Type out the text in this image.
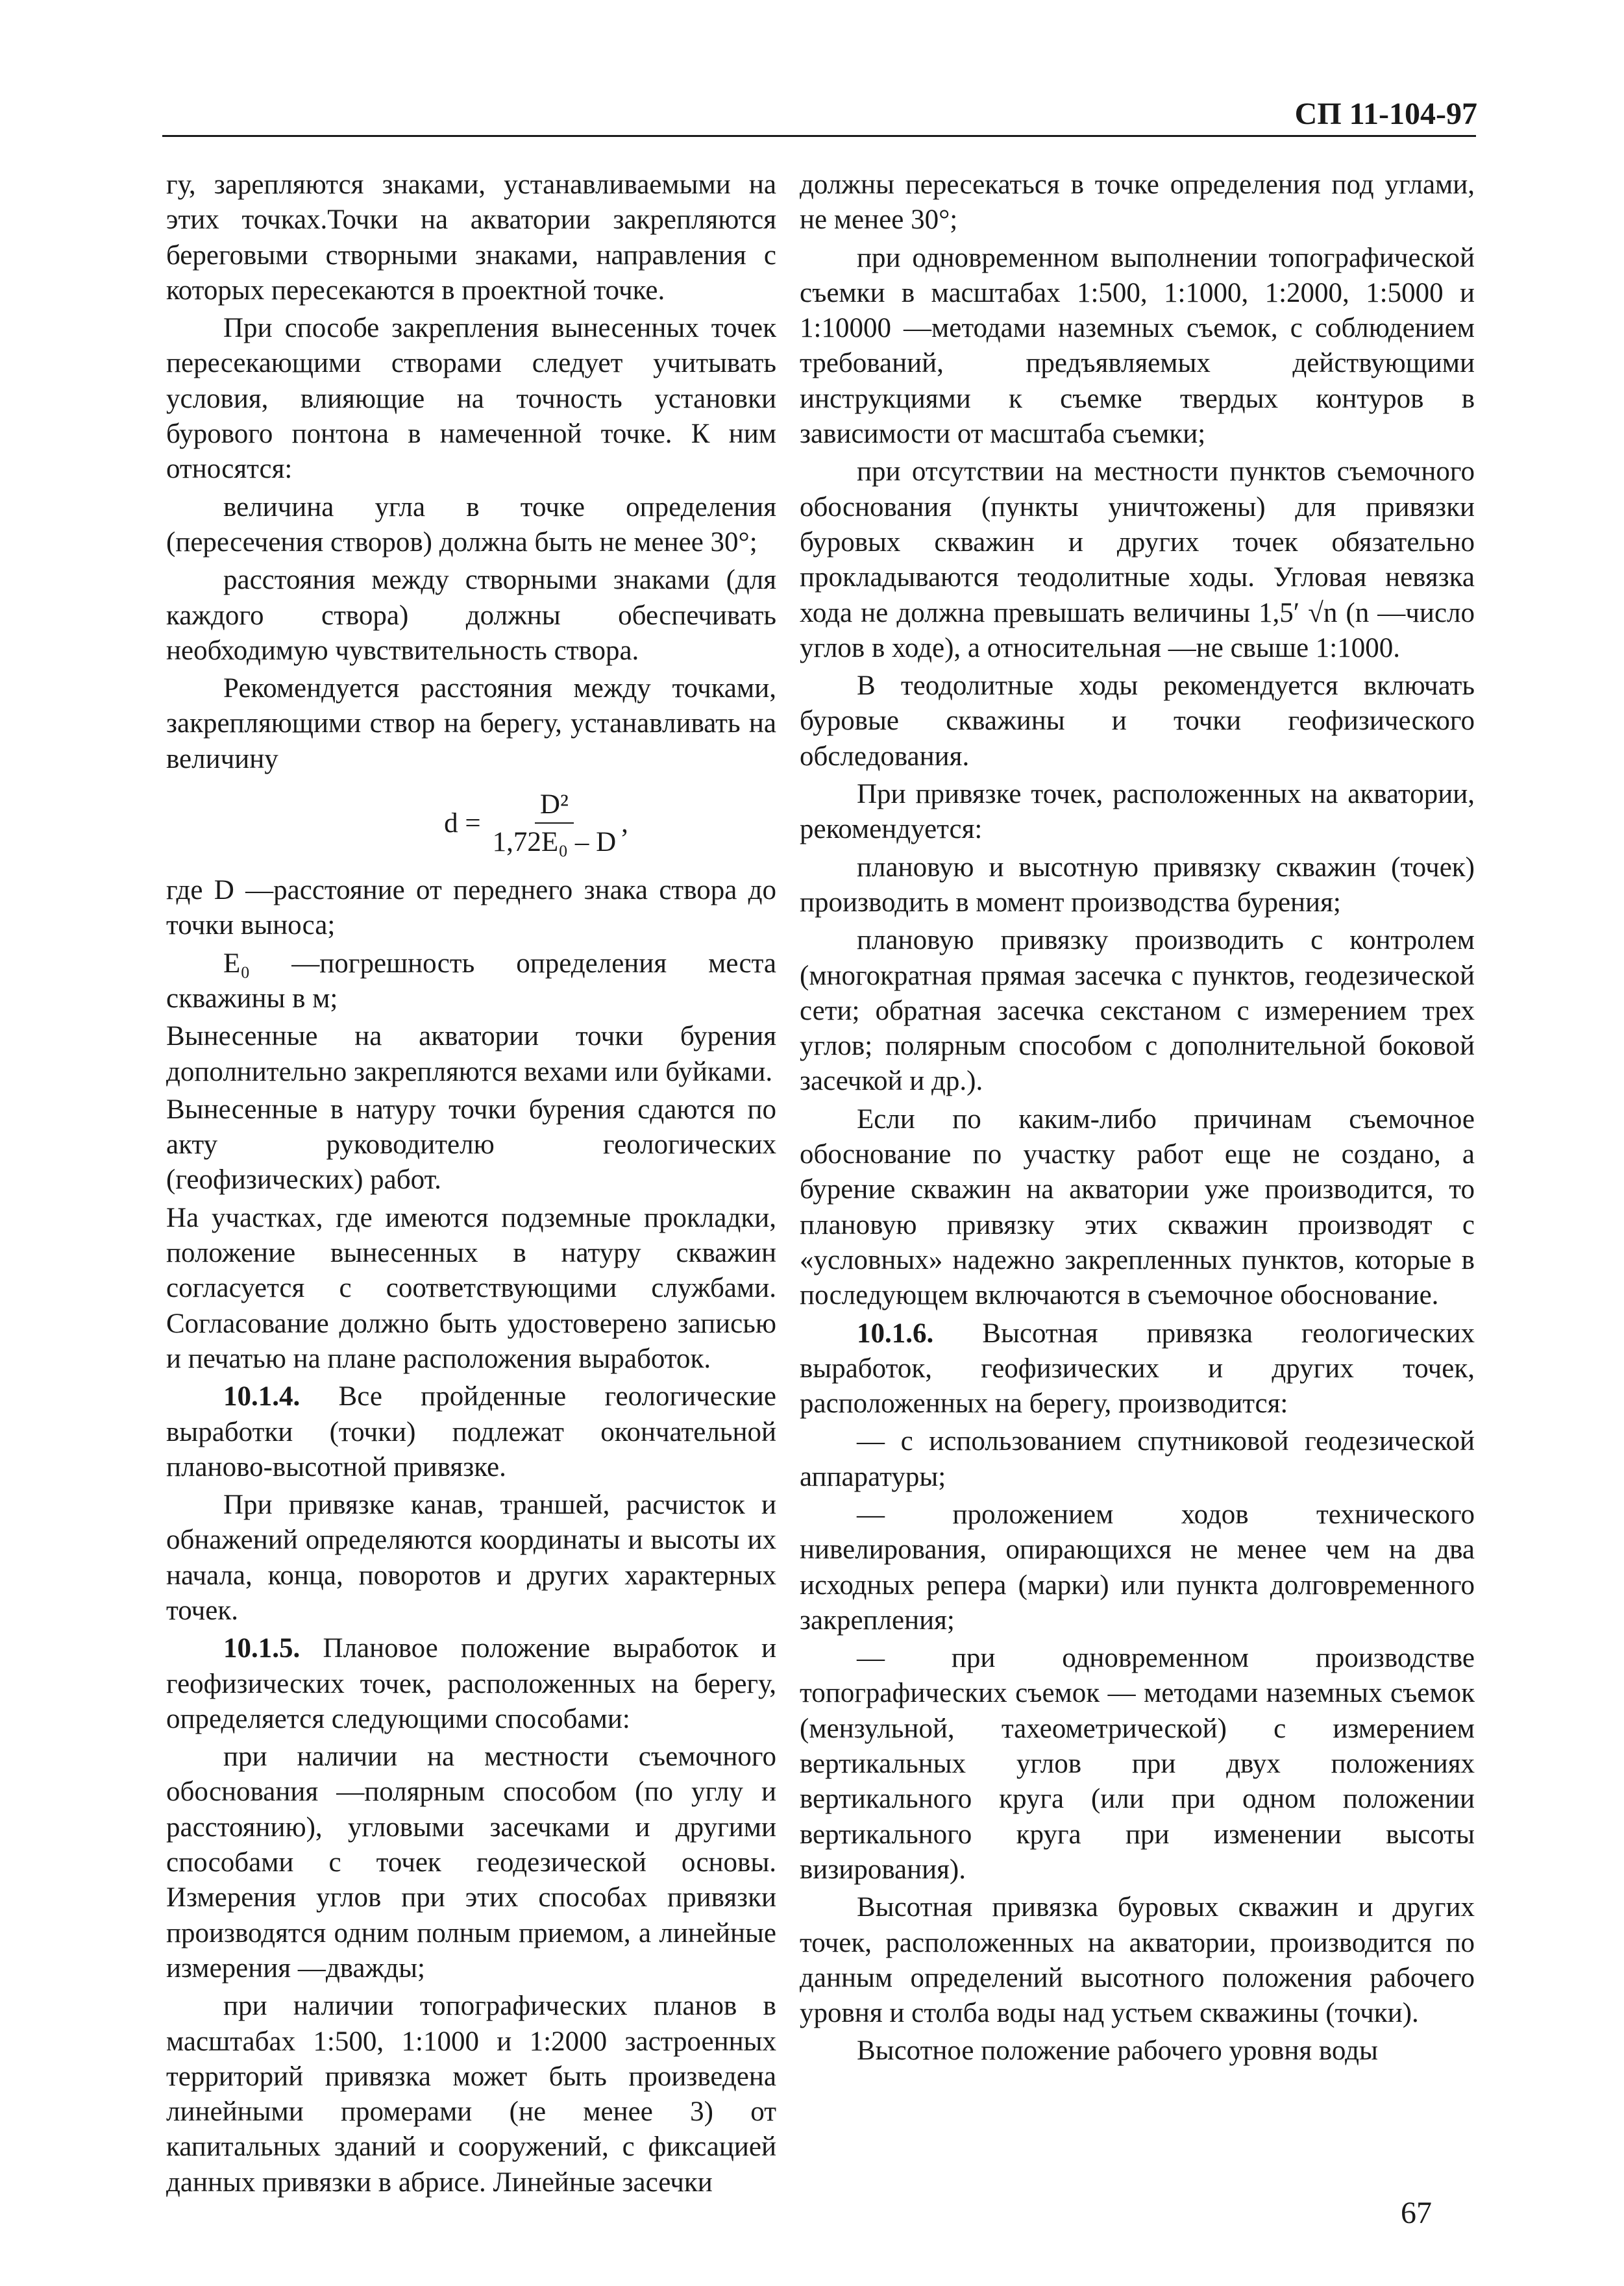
СП 11-104-97

гу, зарепляются знаками, устанавливаемыми на этих точках.Точки на акватории закрепляются береговыми створными знаками, направления с которых пересекаются в проектной точке.

При способе закрепления вынесенных точек пересекающими створами следует учитывать условия, влияющие на точность установки бурового понтона в намеченной точке. К ним относятся:

величина угла в точке определения (пересечения створов) должна быть не менее 30°;

расстояния между створными знаками (для каждого створа) должны обеспечивать необходимую чувствительность створа.

Рекомендуется расстояния между точками, закрепляющими створ на берегу, устанавливать на величину

$d = \frac{\text{D²}}{\text{1,72E₀ – D}}$ ,

где D —расстояние от переднего знака створа до точки выноса;

E₀ —погрешность определения места скважины в м;

Вынесенные на акватории точки бурения дополнительно закрепляются вехами или буйками.

Вынесенные в натуру точки бурения сдаются по акту руководителю геологических (геофизических) работ.

На участках, где имеются подземные прокладки, положение вынесенных в натуру скважин согласуется с соответствующими службами. Согласование должно быть удостоверено записью и печатью на плане расположения выработок.

10.1.4. Все пройденные геологические выработки (точки) подлежат окончательной планово-высотной привязке.

При привязке канав, траншей, расчисток и обнажений определяются координаты и высоты их начала, конца, поворотов и других характерных точек.

10.1.5. Плановое положение выработок и геофизических точек, расположенных на берегу, определяется следующими способами:

при наличии на местности съемочного обоснования —полярным способом (по углу и расстоянию), угловыми засечками и другими способами с точек геодезической основы. Измерения углов при этих способах привязки производятся одним полным приемом, а линейные измерения —дважды;

при наличии топографических планов в масштабах 1:500, 1:1000 и 1:2000 застроенных территорий привязка может быть произведена линейными промерами (не менее 3) от капитальных зданий и сооружений, с фиксацией данных привязки в абрисе. Линейные засечки

должны пересекаться в точке определения под углами, не менее 30°;

при одновременном выполнении топографической съемки в масштабах 1:500, 1:1000, 1:2000, 1:5000 и 1:10000 —методами наземных съемок, с соблюдением требований, предъявляемых действующими инструкциями к съемке твердых контуров в зависимости от масштаба съемки;

при отсутствии на местности пунктов съемочного обоснования (пункты уничтожены) для привязки буровых скважин и других точек обязательно прокладываются теодолитные ходы. Угловая невязка хода не должна превышать величины 1,5′ √n (n —число углов в ходе), а относительная —не свыше 1:1000.

В теодолитные ходы рекомендуется включать буровые скважины и точки геофизического обследования.

При привязке точек, расположенных на акватории, рекомендуется:

плановую и высотную привязку скважин (точек) производить в момент производства бурения;

плановую привязку производить с контролем (многократная прямая засечка с пунктов, геодезической сети; обратная засечка секстаном с измерением трех углов; полярным способом с дополнительной боковой засечкой и др.).

Если по каким-либо причинам съемочное обоснование по участку работ еще не создано, а бурение скважин на акватории уже производится, то плановую привязку этих скважин производят с «условных» надежно закрепленных пунктов, которые в последующем включаются в съемочное обоснование.

10.1.6. Высотная привязка геологических выработок, геофизических и других точек, расположенных на берегу, производится:

— с использованием спутниковой геодезической аппаратуры;

— проложением ходов технического нивелирования, опирающихся не менее чем на два исходных репера (марки) или пункта долговременного закрепления;

— при одновременном производстве топографических съемок — методами наземных съемок (мензульной, тахеометрической) с измерением вертикальных углов при двух положениях вертикального круга (или при одном положении вертикального круга при изменении высоты визирования).

Высотная привязка буровых скважин и других точек, расположенных на акватории, производится по данным определений высотного положения рабочего уровня и столба воды над устьем скважины (точки).

Высотное положение рабочего уровня воды

67
